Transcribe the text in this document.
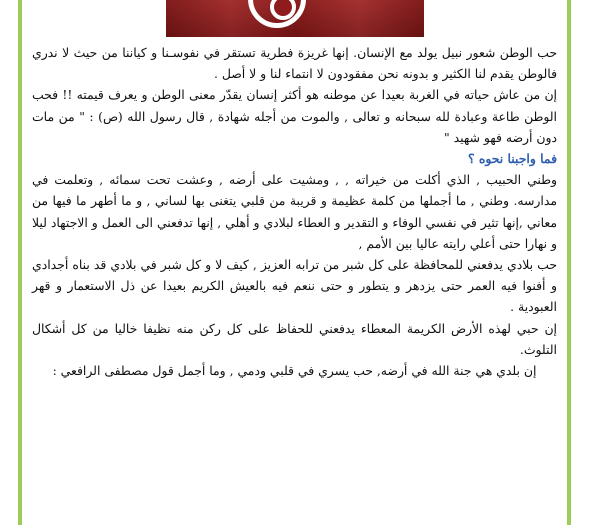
حب الوطن شعور نبيل يولد مع الإنسان. إنها غريزة فطرية تستقر في نفوسـنا و كياننا من حيث لا ندري فالوطن يقدم لنا الكثير و بدونه نحن مفقودون لا انتماء لنا و لا أصل .

إن من عاش حياته في الغربة بعيدا عن موطنه هو أكثر إنسان يقدّر معنى الوطن و يعرف قيمته !! فحب الوطن طاعة وعبادة لله سبحانه و تعالى , والموت من أجله شهادة , قال رسول الله (ص) : " من مات دون أرضه فهو شهيد "

فما واجبنا نحوه ؟

وطني الحبيب , الذي أكلت من خيراته , , ومشيت على أرضه , وعشت تحت سمائه , وتعلمت في مدارسه. وطني , ما أجملها من كلمة عظيمة و قريبة من قلبي يتغنى بها لساني , و ما أطهر ما فيها من معاني ,إنها تثير في نفسي الوفاء و التقدير و العطاء لبلادي و أهلي , إنها تدفعني الى العمل و الاجتهاد ليلا و نهارا حتى أعلي رايته عاليا بين الأمم ,

حب بلادي يدفعني للمحافظة على كل شبر من ترابه العزيز , كيف لا و كل شبر في بلادي قد بناه أجدادي و أفنوا فيه العمر حتى يزدهر و يتطور و حتى ننعم فيه بالعيش الكريم بعيدا عن ذل الاستعمار و قهر العبودية .

إن حبي لهذه الأرض الكريمة المعطاء يدفعني للحفاظ على كل ركن منه نظيفا خاليا من كل أشكال التلوث.

إن بلدي هي جنة الله في أرضه, حب يسري في قلبي ودمي , وما أجمل قول مصطفى الرافعي :
